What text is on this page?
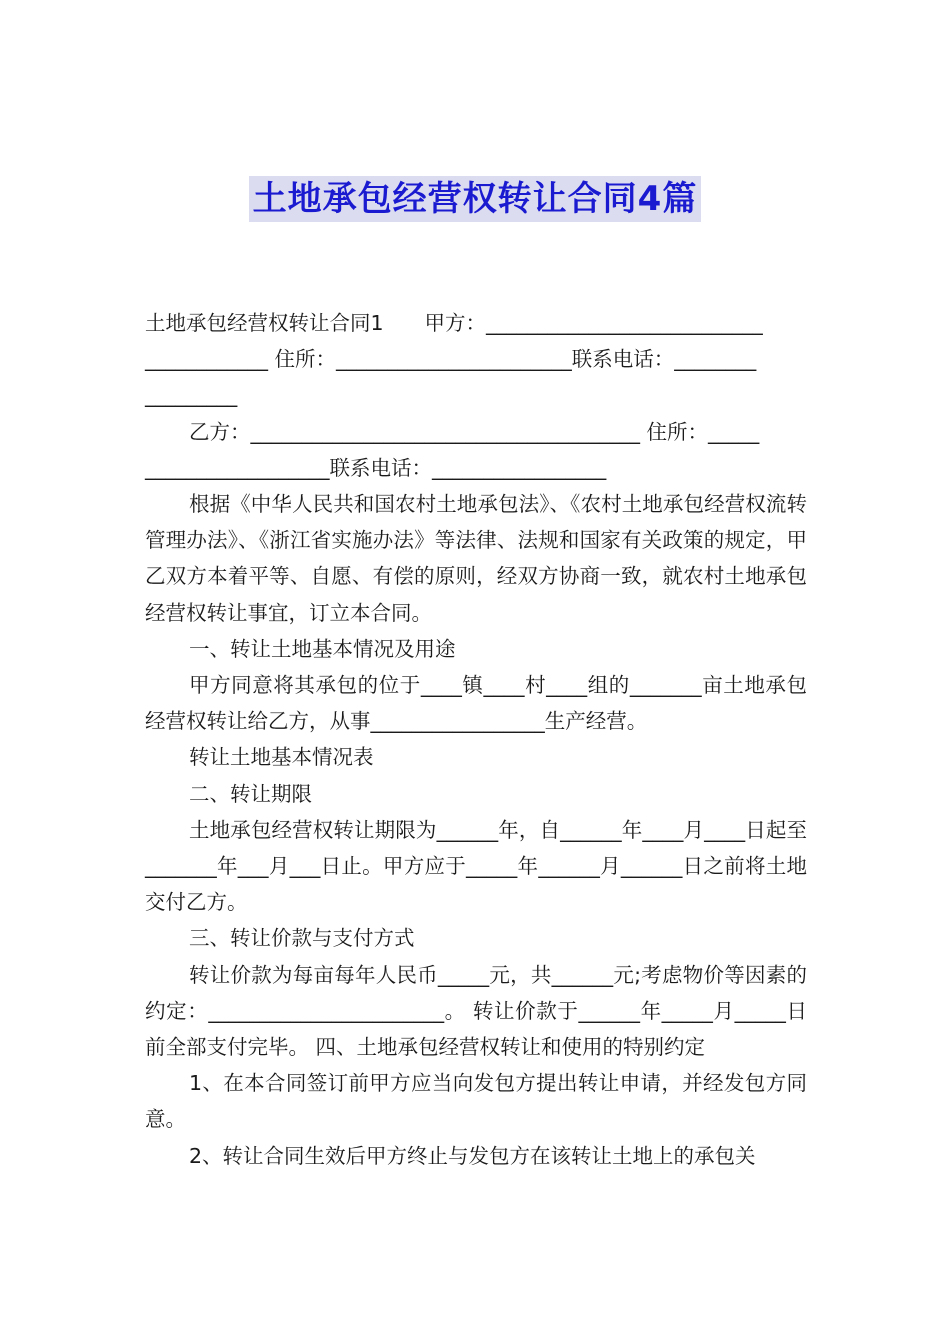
土地承包经营权转让合同4篇

土地承包经营权转让合同1　　甲方：___________________________

____________ 住所：_______________________联系电话：________

_________

乙方：______________________________________ 住所：_____

__________________联系电话：_________________

根据《中华人民共和国农村土地承包法》、《农村土地承包经营权流转管理办法》、《浙江省实施办法》等法律、法规和国家有关政策的规定，甲乙双方本着平等、自愿、有偿的原则，经双方协商一致，就农村土地承包经营权转让事宜，订立本合同。

一、转让土地基本情况及用途

甲方同意将其承包的位于____镇____村____组的_______亩土地承包经营权转让给乙方，从事_________________生产经营。

转让土地基本情况表

二、转让期限

土地承包经营权转让期限为______年，自______年____月____日起至_______年___月___日止。甲方应于_____年______月______日之前将土地交付乙方。

三、转让价款与支付方式

转让价款为每亩每年人民币_____元，共______元;考虑物价等因素的约定：_______________________。 转让价款于______年_____月_____日前全部支付完毕。 四、土地承包经营权转让和使用的特别约定

1、在本合同签订前甲方应当向发包方提出转让申请，并经发包方同意。

2、转让合同生效后甲方终止与发包方在该转让土地上的承包关
